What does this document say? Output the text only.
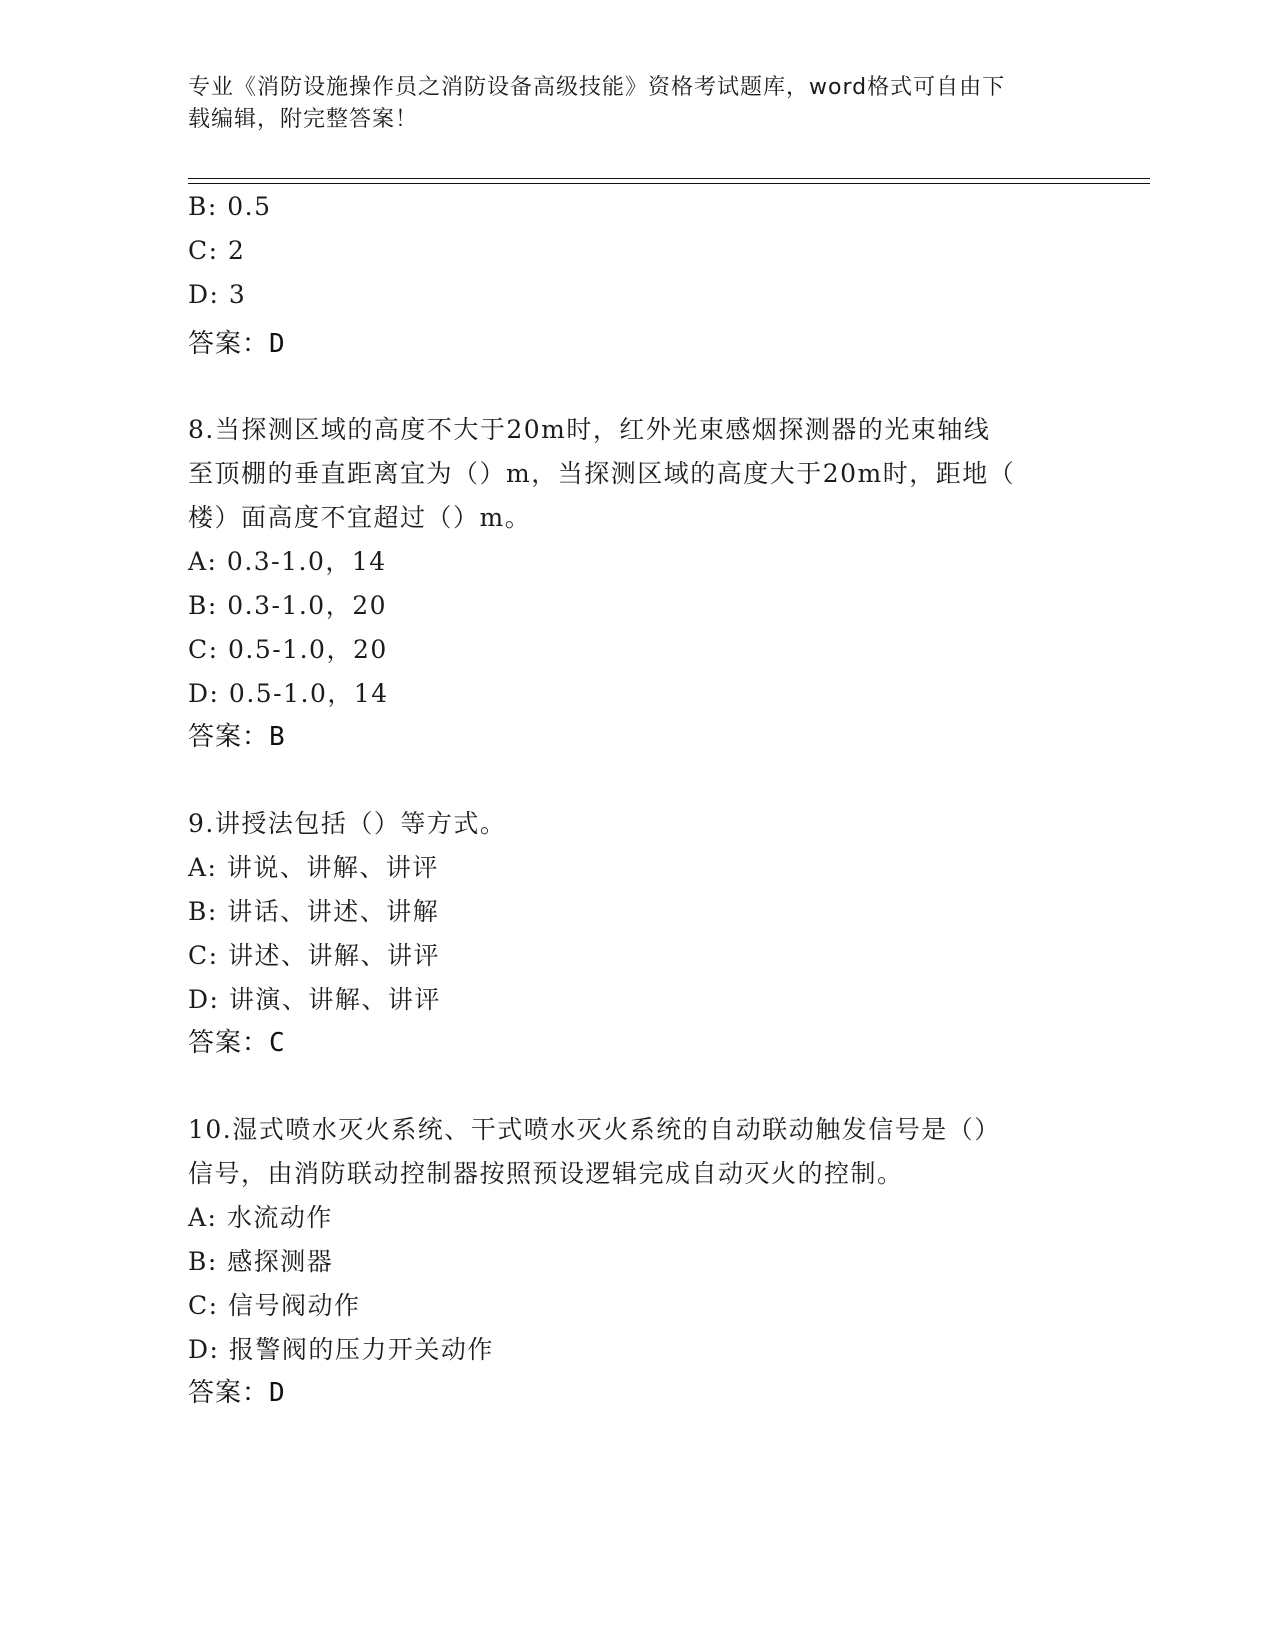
专业《消防设施操作员之消防设备高级技能》资格考试题库，word格式可自由下
载编辑，附完整答案！
B: 0.5
C: 2
D: 3
答案：D
8.当探测区域的高度不大于20m时，红外光束感烟探测器的光束轴线
至顶棚的垂直距离宜为（）m，当探测区域的高度大于20m时，距地（
楼）面高度不宜超过（）m。
A: 0.3-1.0，14
B: 0.3-1.0，20
C: 0.5-1.0，20
D: 0.5-1.0，14
答案：B
9.讲授法包括（）等方式。
A: 讲说、讲解、讲评
B: 讲话、讲述、讲解
C: 讲述、讲解、讲评
D: 讲演、讲解、讲评
答案：C
10.湿式喷水灭火系统、干式喷水灭火系统的自动联动触发信号是（）
信号，由消防联动控制器按照预设逻辑完成自动灭火的控制。
A: 水流动作
B: 感探测器
C: 信号阀动作
D: 报警阀的压力开关动作
答案：D
